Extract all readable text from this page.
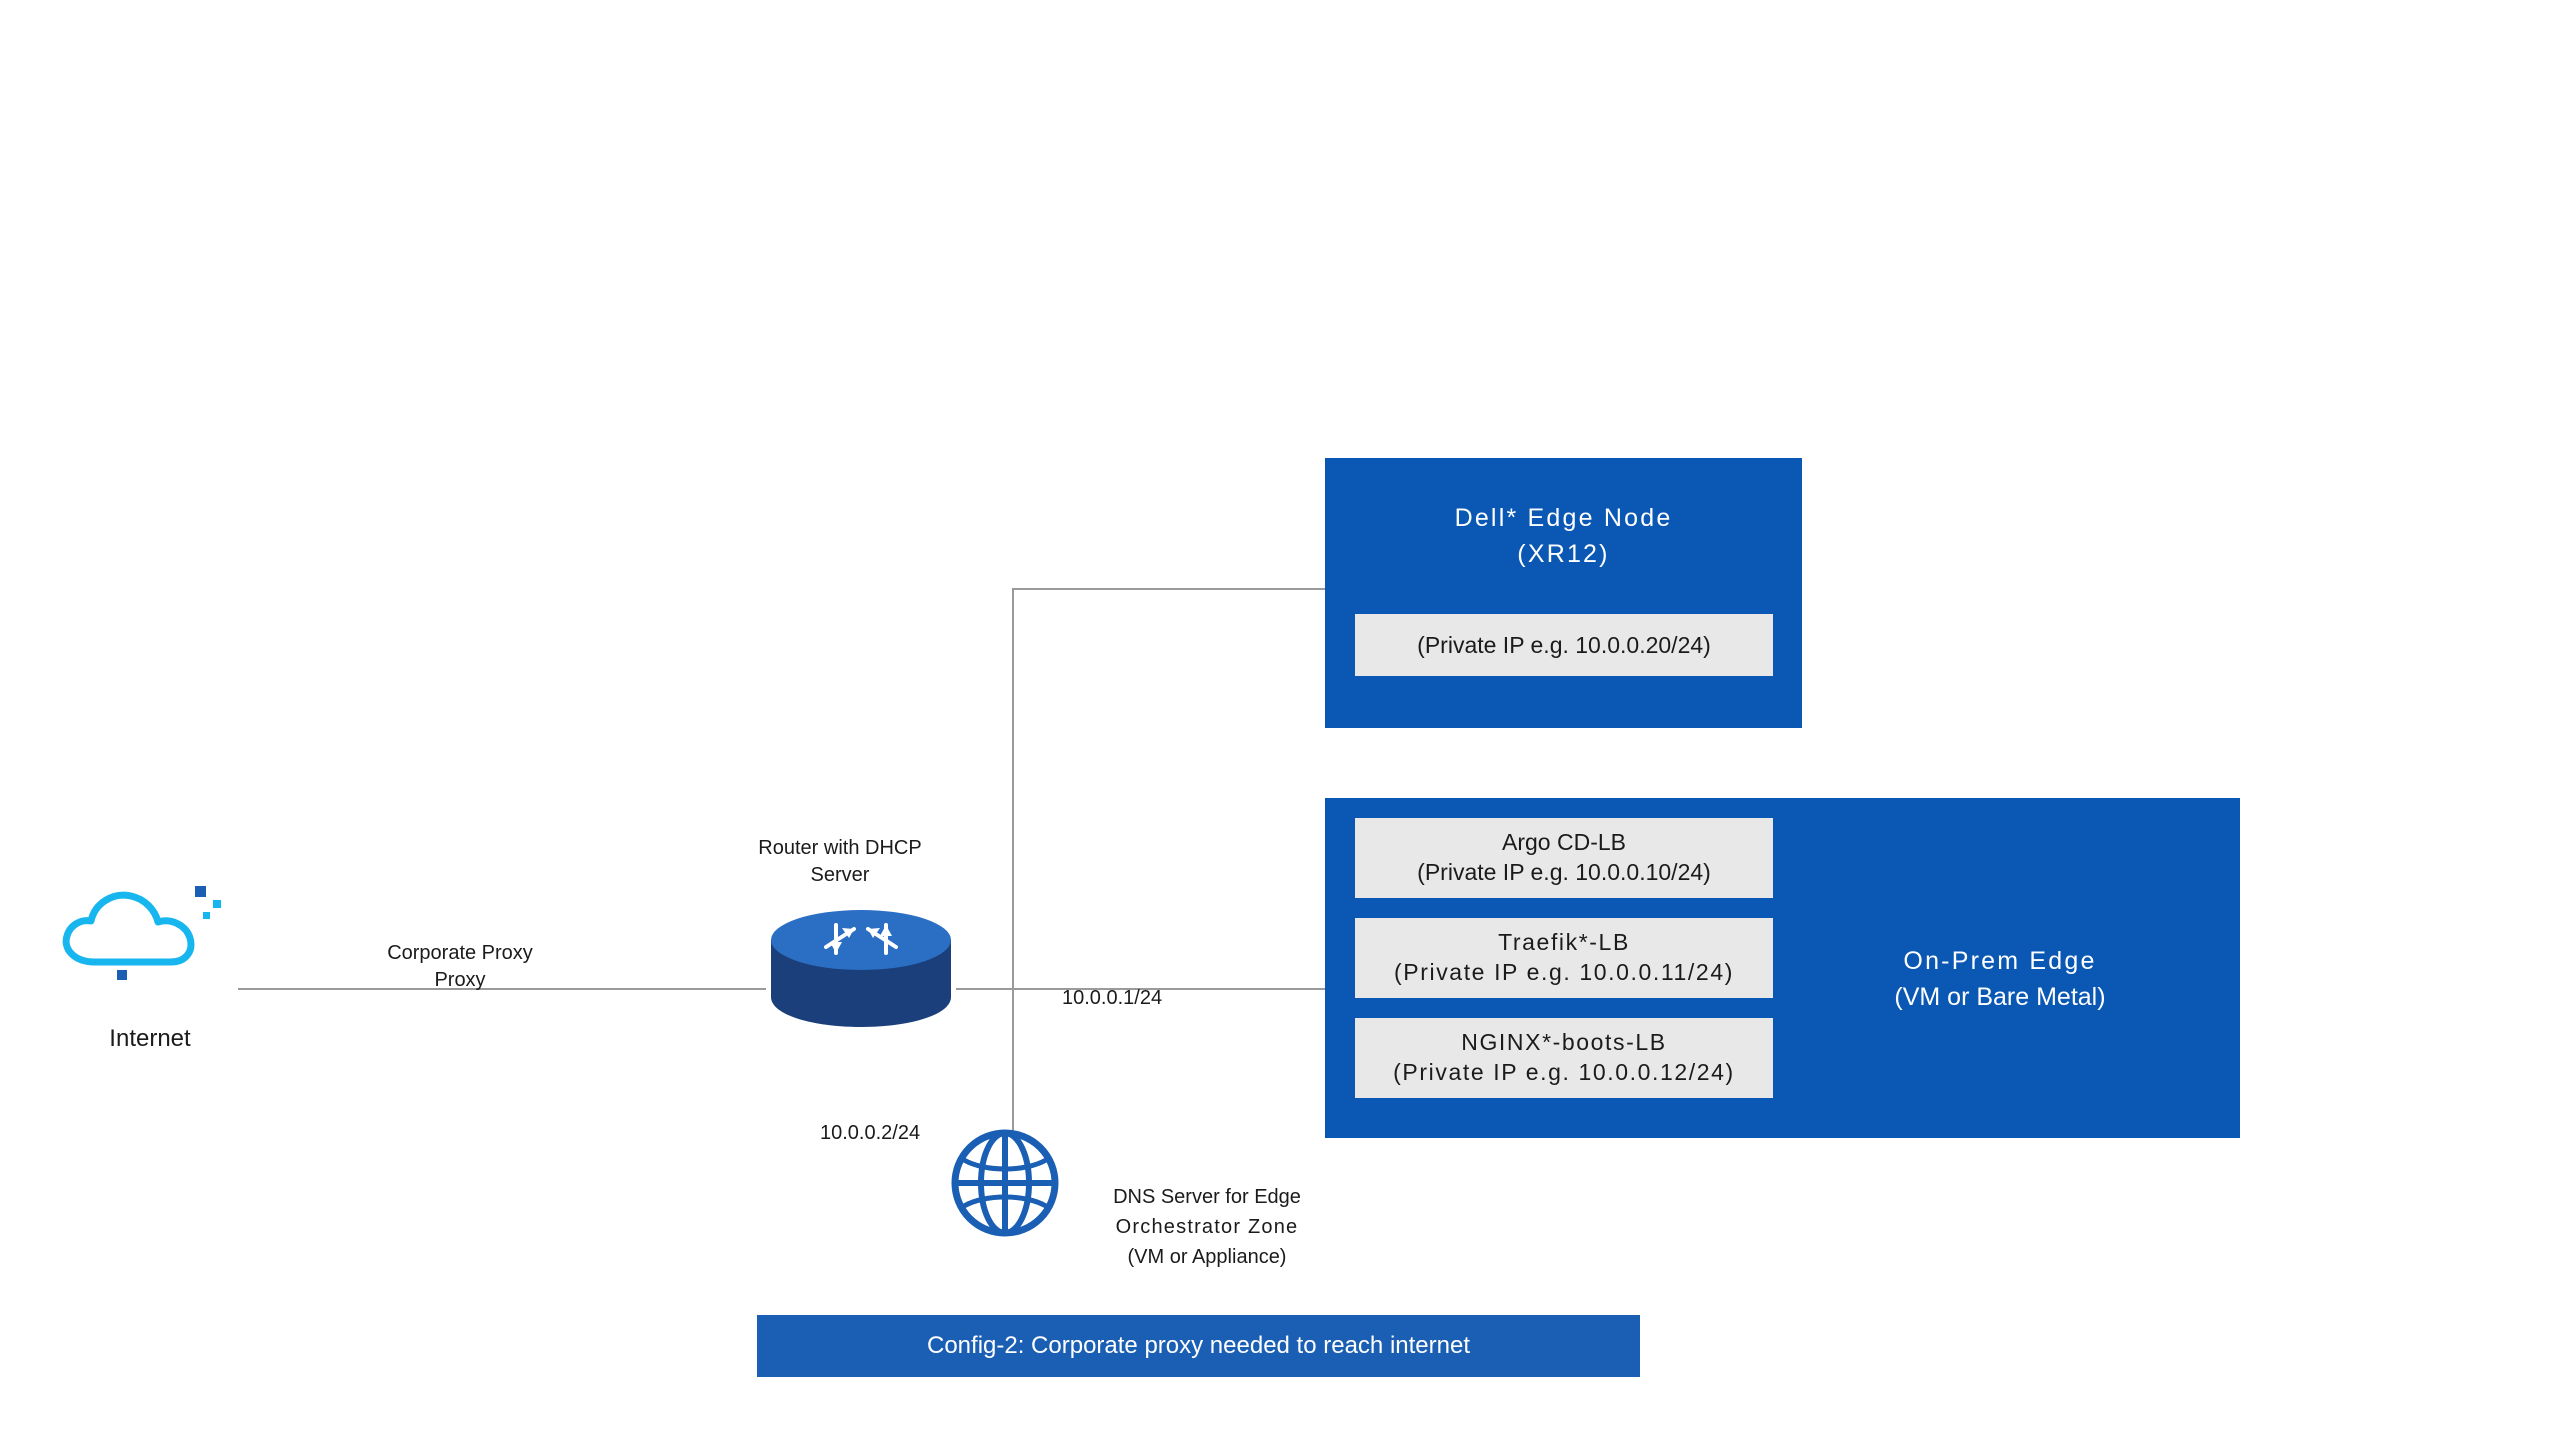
Internet
Corporate Proxy
Proxy
Router with DHCP
Server
10.0.0.1/24
10.0.0.2/24
DNS Server for Edge
Orchestrator Zone
(VM or Appliance)
Dell* Edge Node
(XR12)
(Private IP e.g. 10.0.0.20/24)
Argo CD-LB
(Private IP e.g. 10.0.0.10/24)
Traefik*-LB
(Private IP e.g. 10.0.0.11/24)
NGINX*-boots-LB
(Private IP e.g. 10.0.0.12/24)
On-Prem Edge
(VM or Bare Metal)
Config-2: Corporate proxy needed to reach internet
